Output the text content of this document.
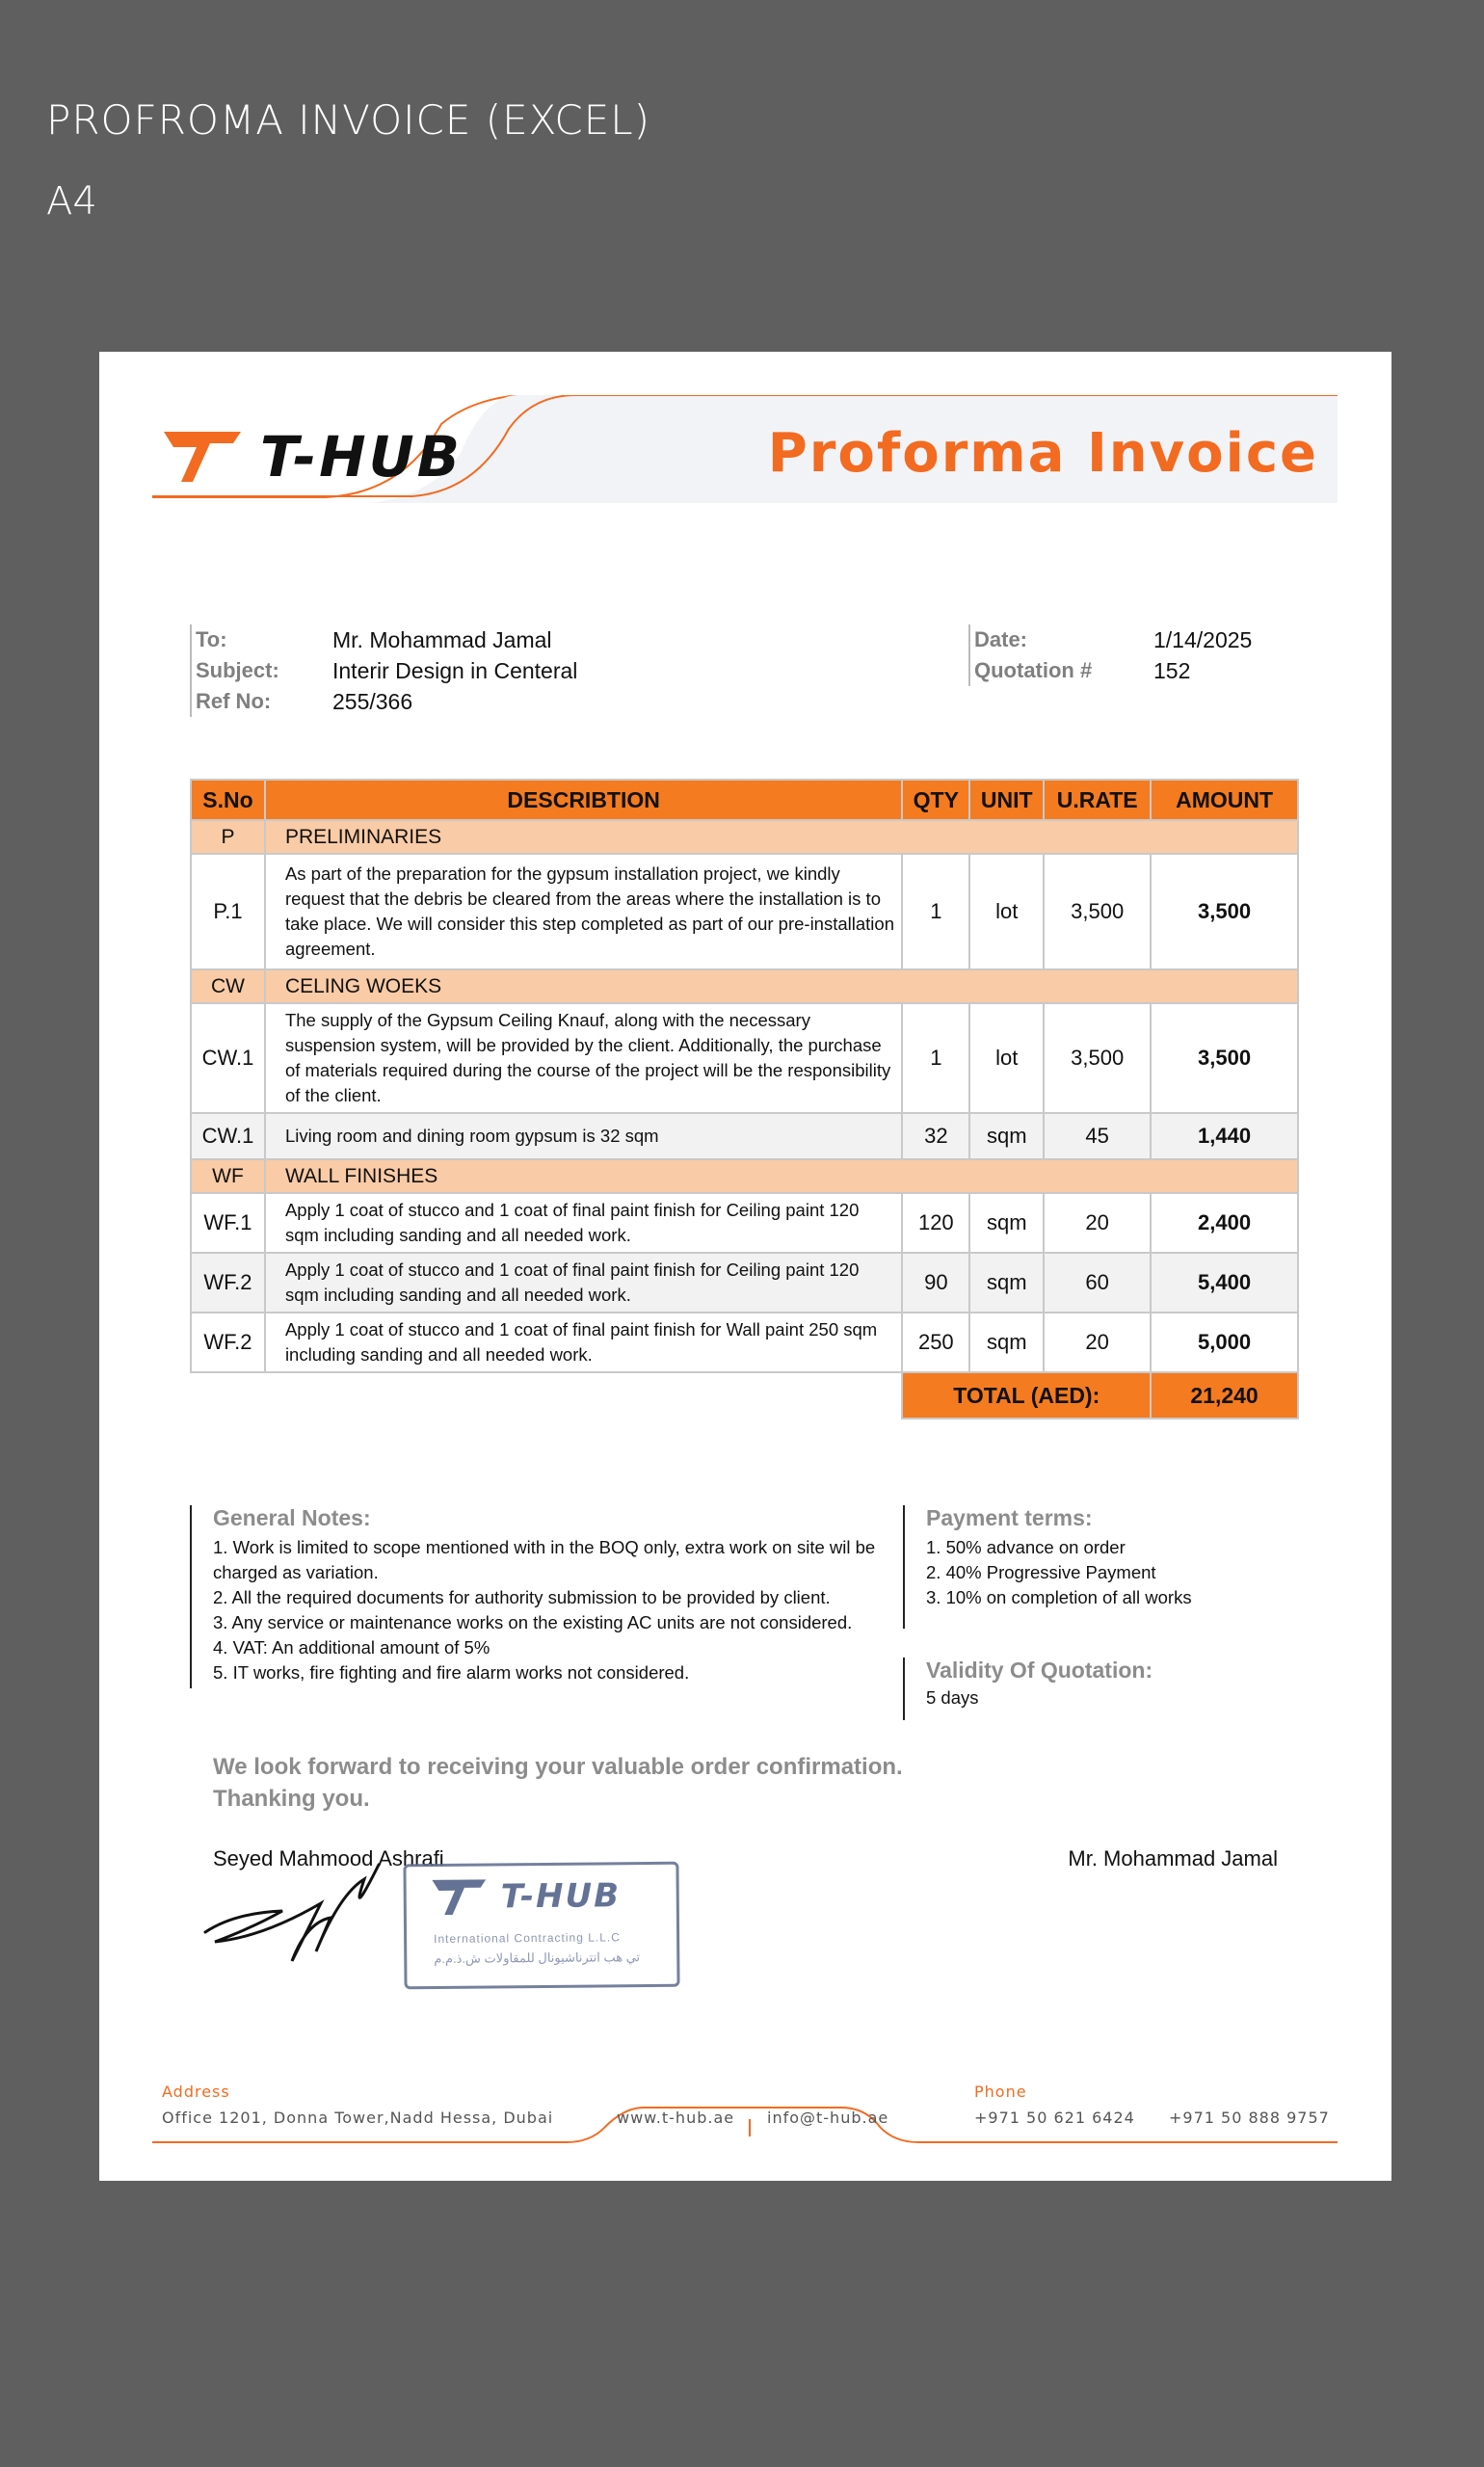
PROFROMA INVOICE (EXCEL)
A4
T-HUB	Proforma Invoice
To:	Mr. Mohammad Jamal
Subject:	Interir Design in Centeral
Ref No:	255/366
Date:	1/14/2025
Quotation #	152
S.No	DESCRIBTION	QTY	UNIT	U.RATE	AMOUNT
P	PRELIMINARIES				
P.1	As part of the preparation for the gypsum installation project, we kindly request that the debris be cleared from the areas where the installation is to take place. We will consider this step completed as part of our pre-installation agreement.	1	lot	3,500	3,500
CW	CELING WOEKS				
CW.1	The supply of the Gypsum Ceiling Knauf, along with the necessary suspension system, will be provided by the client. Additionally, the purchase of materials required during the course of the project will be the responsibility of the client.	1	lot	3,500	3,500
CW.1	Living room and dining room gypsum is 32 sqm	32	sqm	45	1,440
WF	WALL FINISHES				
WF.1	Apply 1 coat of stucco and 1 coat of final paint finish for Ceiling paint 120 sqm including sanding and all needed work.	120	sqm	20	2,400
WF.2	Apply 1 coat of stucco and 1 coat of final paint finish for Ceiling paint 120 sqm including sanding and all needed work.	90	sqm	60	5,400
WF.2	Apply 1 coat of stucco and 1 coat of final paint finish for Wall paint 250 sqm including sanding and all needed work.	250	sqm	20	5,000
		TOTAL (AED):			21,240
General Notes:
1. Work is limited to scope mentioned with in the BOQ only, extra work on site wil be charged as variation.
2. All the required documents for authority submission to be provided by client.
3. Any service or maintenance works on the existing AC units are not considered.
4. VAT: An additional amount of 5%
5. IT works, fire fighting and fire alarm works not considered.
Payment terms:
1. 50% advance on order
2. 40% Progressive Payment
3. 10% on completion of all works
Validity Of Quotation:
5 days
We look forward to receiving your valuable order confirmation.
Thanking you.
Seyed Mahmood Ashrafi	Mr. Mohammad Jamal
T-HUB
International Contracting L.L.C
تي هب انترناشيونال للمقاولات ش.ذ.م.م
Address
Office 1201, Donna Tower,Nadd Hessa, Dubai	www.t-hub.ae info@t-hub.ae
Phone
+971 50 621 6424 +971 50 888 9757
